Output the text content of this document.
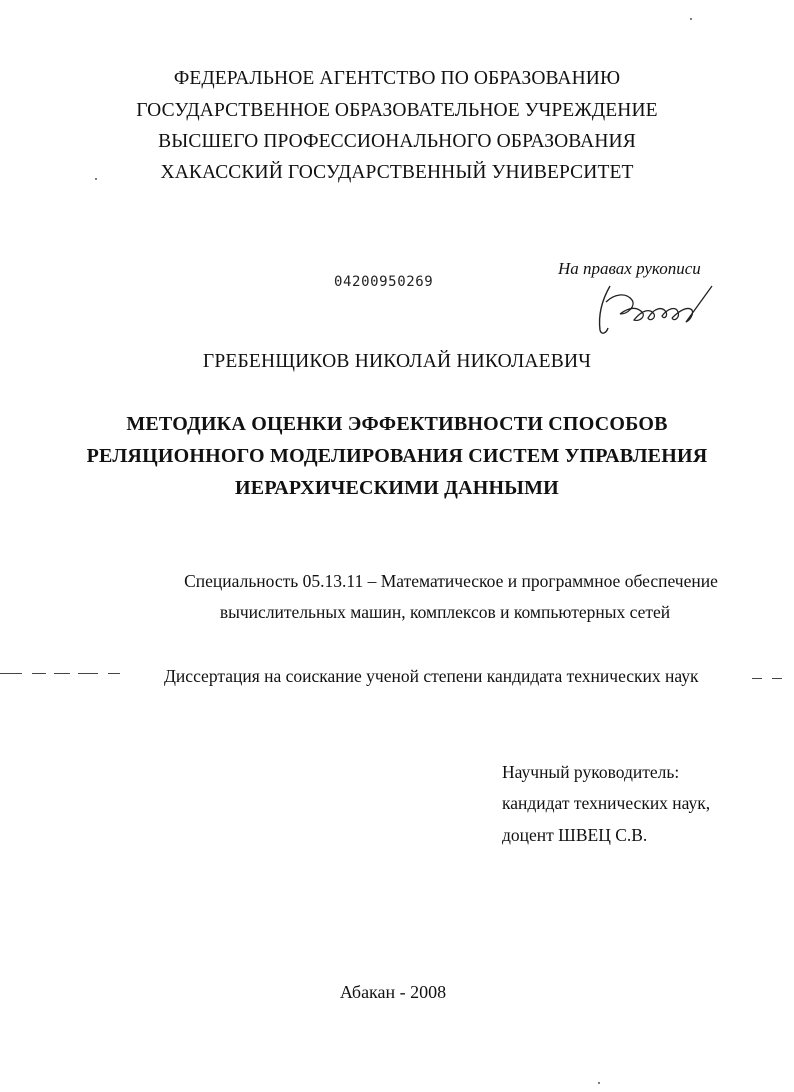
ФЕДЕРАЛЬНОЕ АГЕНТСТВО ПО ОБРАЗОВАНИЮ
ГОСУДАРСТВЕННОЕ ОБРАЗОВАТЕЛЬНОЕ УЧРЕЖДЕНИЕ
ВЫСШЕГО ПРОФЕССИОНАЛЬНОГО ОБРАЗОВАНИЯ
ХАКАССКИЙ ГОСУДАРСТВЕННЫЙ УНИВЕРСИТЕТ
04200950269
На правах рукописи
Гребенщ
ГРЕБЕНЩИКОВ НИКОЛАЙ НИКОЛАЕВИЧ
МЕТОДИКА ОЦЕНКИ ЭФФЕКТИВНОСТИ СПОСОБОВ
РЕЛЯЦИОННОГО МОДЕЛИРОВАНИЯ СИСТЕМ УПРАВЛЕНИЯ
ИЕРАРХИЧЕСКИМИ ДАННЫМИ
Специальность 05.13.11 – Математическое и программное обеспечение
вычислительных машин, комплексов и компьютерных сетей
Диссертация на соискание ученой степени кандидата технических наук
Научный руководитель:
кандидат технических наук,
доцент ШВЕЦ С.В.
Абакан - 2008
